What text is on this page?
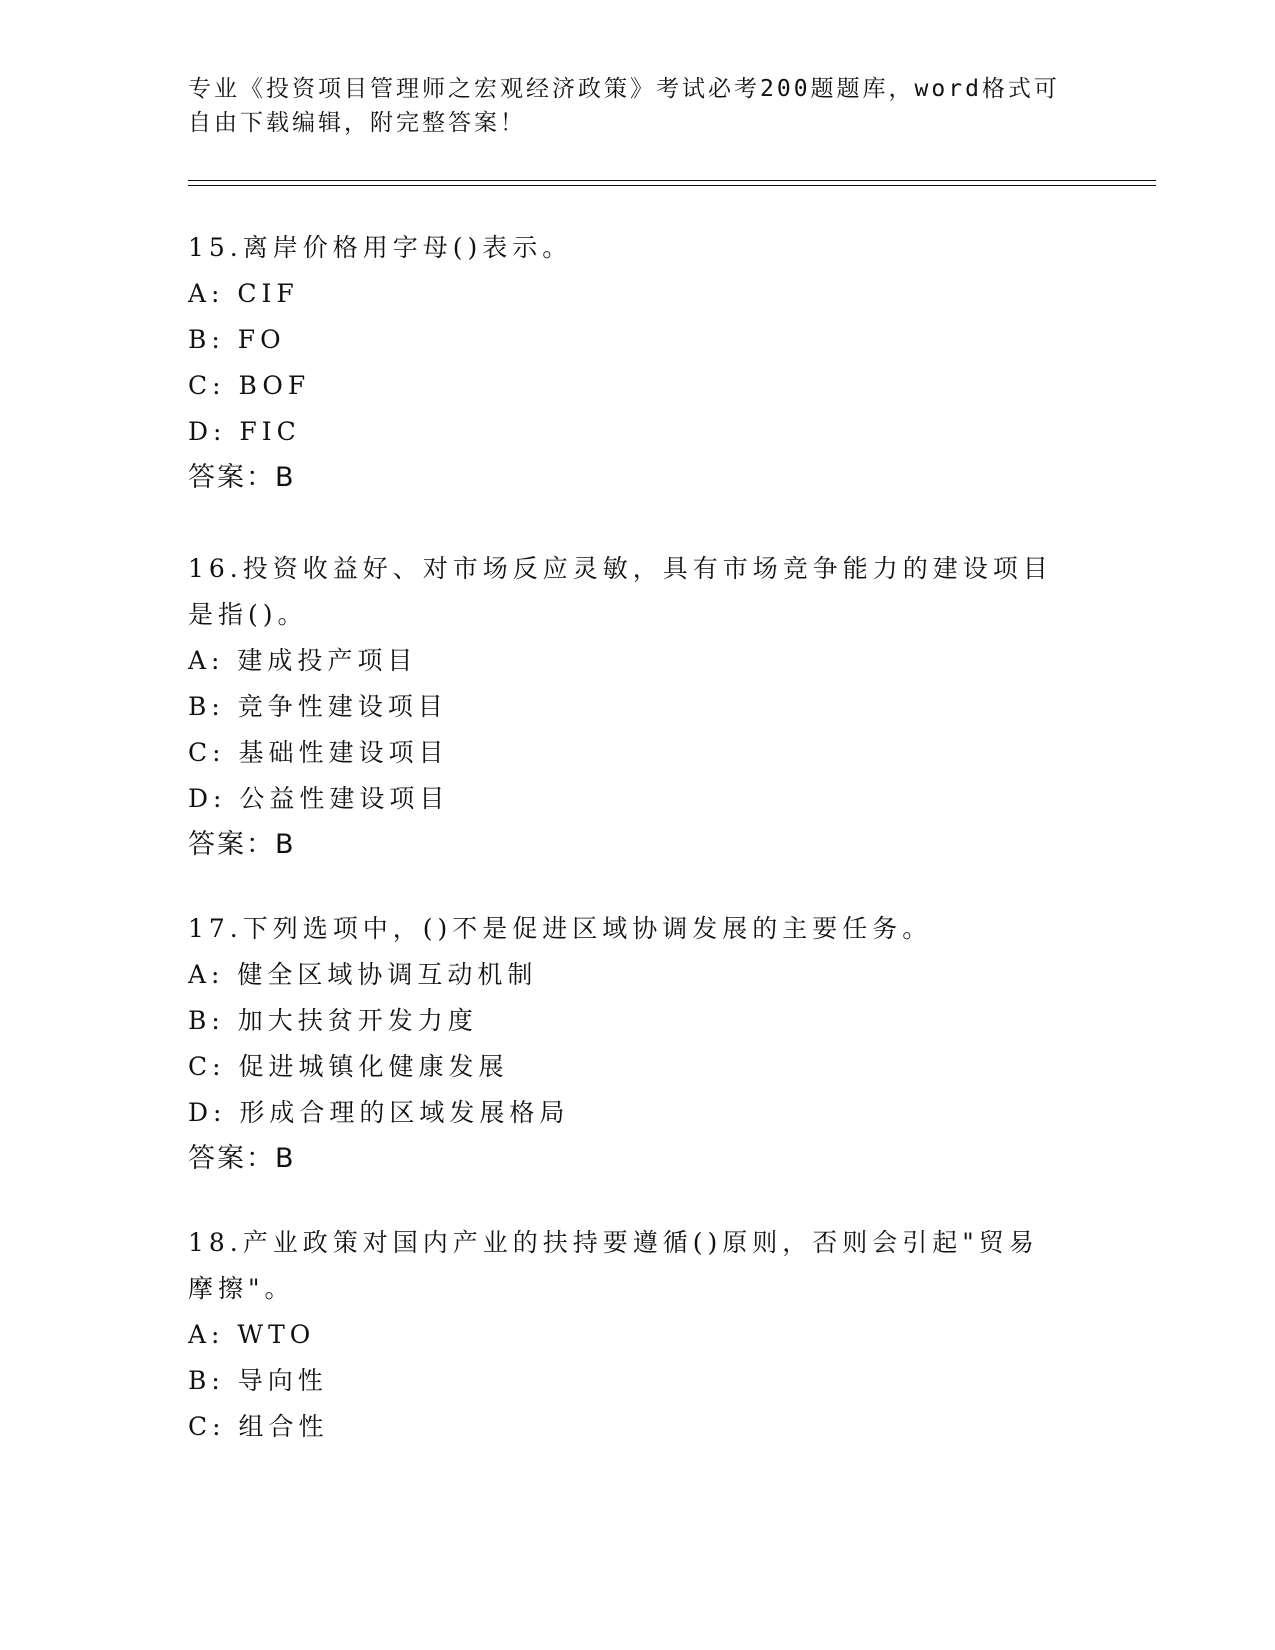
专业《投资项目管理师之宏观经济政策》考试必考200题题库，word格式可自由下载编辑，附完整答案！
15.离岸价格用字母()表示。
A: CIF
B: FO
C: BOF
D: FIC
答案：B
16.投资收益好、对市场反应灵敏，具有市场竞争能力的建设项目是指()。
A: 建成投产项目
B: 竞争性建设项目
C: 基础性建设项目
D: 公益性建设项目
答案：B
17.下列选项中，()不是促进区域协调发展的主要任务。
A: 健全区域协调互动机制
B: 加大扶贫开发力度
C: 促进城镇化健康发展
D: 形成合理的区域发展格局
答案：B
18.产业政策对国内产业的扶持要遵循()原则，否则会引起"贸易摩擦"。
A: WTO
B: 导向性
C: 组合性
